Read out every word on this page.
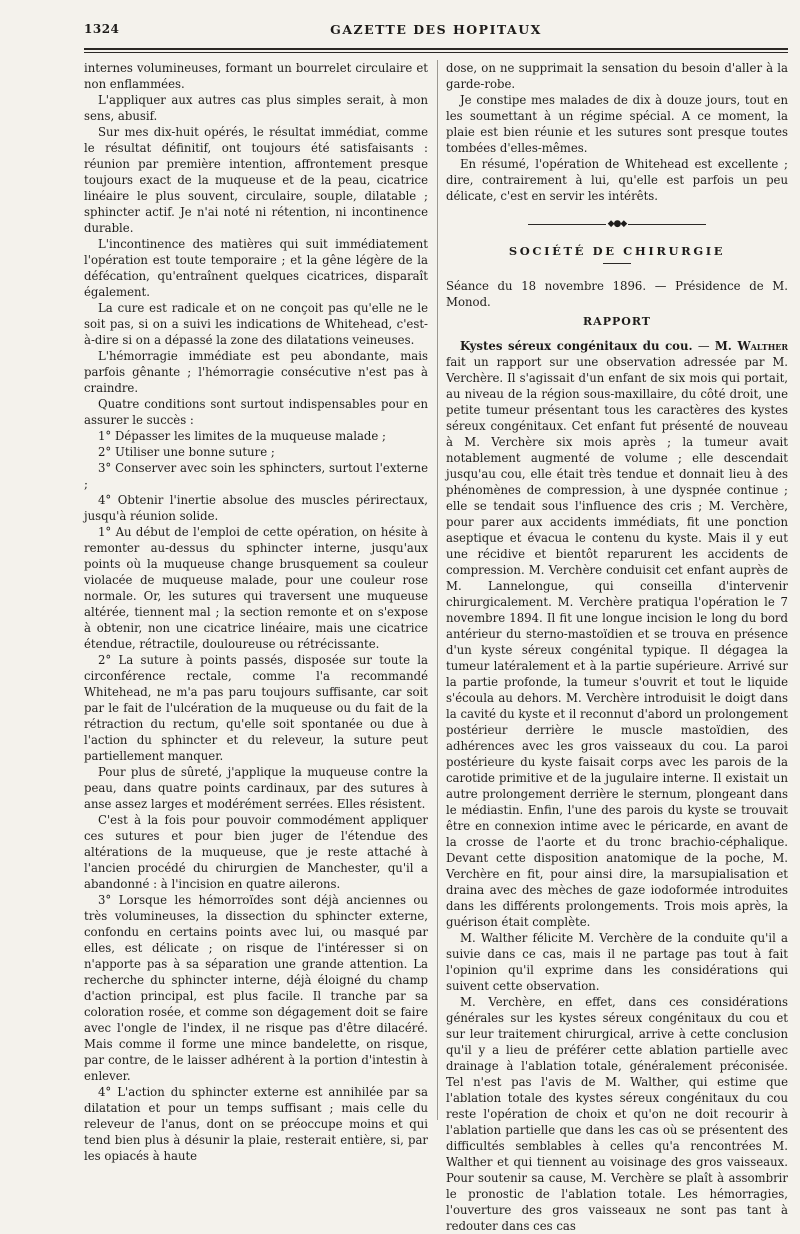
1324	GAZETTE DES HOPITAUX

internes volumineuses, formant un bourrelet circulaire et non enflammées.

L'appliquer aux autres cas plus simples serait, à mon sens, abusif.

Sur mes dix-huit opérés, le résultat immédiat, comme le résultat définitif, ont toujours été satisfaisants : réunion par première intention, affrontement presque toujours exact de la muqueuse et de la peau, cicatrice linéaire le plus souvent, circulaire, souple, dilatable ; sphincter actif. Je n'ai noté ni rétention, ni incontinence durable.

L'incontinence des matières qui suit immédiatement l'opération est toute temporaire ; et la gêne légère de la défécation, qu'entraînent quelques cicatrices, disparaît également.

La cure est radicale et on ne conçoit pas qu'elle ne le soit pas, si on a suivi les indications de Whitehead, c'est-à-dire si on a dépassé la zone des dilatations veineuses.

L'hémorragie immédiate est peu abondante, mais parfois gênante ; l'hémorragie consécutive n'est pas à craindre.

Quatre conditions sont surtout indispensables pour en assurer le succès :

1° Dépasser les limites de la muqueuse malade ;

2° Utiliser une bonne suture ;

3° Conserver avec soin les sphincters, surtout l'externe ;

4° Obtenir l'inertie absolue des muscles périrectaux, jusqu'à réunion solide.

1° Au début de l'emploi de cette opération, on hésite à remonter au-dessus du sphincter interne, jusqu'aux points où la muqueuse change brusquement sa couleur violacée de muqueuse malade, pour une couleur rose normale. Or, les sutures qui traversent une muqueuse altérée, tiennent mal ; la section remonte et on s'expose à obtenir, non une cicatrice linéaire, mais une cicatrice étendue, rétractile, douloureuse ou rétrécissante.

2° La suture à points passés, disposée sur toute la circonférence rectale, comme l'a recommandé Whitehead, ne m'a pas paru toujours suffisante, car soit par le fait de l'ulcération de la muqueuse ou du fait de la rétraction du rectum, qu'elle soit spontanée ou due à l'action du sphincter et du releveur, la suture peut partiellement manquer.

Pour plus de sûreté, j'applique la muqueuse contre la peau, dans quatre points cardinaux, par des sutures à anse assez larges et modérément serrées. Elles résistent.

C'est à la fois pour pouvoir commodément appliquer ces sutures et pour bien juger de l'étendue des altérations de la muqueuse, que je reste attaché à l'ancien procédé du chirurgien de Manchester, qu'il a abandonné : à l'incision en quatre ailerons.

3° Lorsque les hémorroïdes sont déjà anciennes ou très volumineuses, la dissection du sphincter externe, confondu en certains points avec lui, ou masqué par elles, est délicate ; on risque de l'intéresser si on n'apporte pas à sa séparation une grande attention. La recherche du sphincter interne, déjà éloigné du champ d'action principal, est plus facile. Il tranche par sa coloration rosée, et comme son dégagement doit se faire avec l'ongle de l'index, il ne risque pas d'être dilacéré. Mais comme il forme une mince bandelette, on risque, par contre, de le laisser adhérent à la portion d'intestin à enlever.

4° L'action du sphincter externe est annihilée par sa dilatation et pour un temps suffisant ; mais celle du releveur de l'anus, dont on se préoccupe moins et qui tend bien plus à désunir la plaie, resterait entière, si, par les opiacés à haute

dose, on ne supprimait la sensation du besoin d'aller à la garde-robe.

Je constipe mes malades de dix à douze jours, tout en les soumettant à un régime spécial. A ce moment, la plaie est bien réunie et les sutures sont presque toutes tombées d'elles-mêmes.

En résumé, l'opération de Whitehead est excellente ; dire, contrairement à lui, qu'elle est parfois un peu délicate, c'est en servir les intérêts.

◆●◆
SOCIÉTÉ DE CHIRURGIE

Séance du 18 novembre 1896. — Présidence de M. Monod.

RAPPORT

Kystes séreux congénitaux du cou. — M. Walther fait un rapport sur une observation adressée par M. Verchère. Il s'agissait d'un enfant de six mois qui portait, au niveau de la région sous-maxillaire, du côté droit, une petite tumeur présentant tous les caractères des kystes séreux congénitaux. Cet enfant fut présenté de nouveau à M. Verchère six mois après ; la tumeur avait notablement augmenté de volume ; elle descendait jusqu'au cou, elle était très tendue et donnait lieu à des phénomènes de compression, à une dyspnée continue ; elle se tendait sous l'influence des cris ; M. Verchère, pour parer aux accidents immédiats, fit une ponction aseptique et évacua le contenu du kyste. Mais il y eut une récidive et bientôt reparurent les accidents de compression. M. Verchère conduisit cet enfant auprès de M. Lannelongue, qui conseilla d'intervenir chirurgicalement. M. Verchère pratiqua l'opération le 7 novembre 1894. Il fit une longue incision le long du bord antérieur du sterno-mastoïdien et se trouva en présence d'un kyste séreux congénital typique. Il dégagea la tumeur latéralement et à la partie supérieure. Arrivé sur la partie profonde, la tumeur s'ouvrit et tout le liquide s'écoula au dehors. M. Verchère introduisit le doigt dans la cavité du kyste et il reconnut d'abord un prolongement postérieur derrière le muscle mastoïdien, des adhérences avec les gros vaisseaux du cou. La paroi postérieure du kyste faisait corps avec les parois de la carotide primitive et de la jugulaire interne. Il existait un autre prolongement derrière le sternum, plongeant dans le médiastin. Enfin, l'une des parois du kyste se trouvait être en connexion intime avec le péricarde, en avant de la crosse de l'aorte et du tronc brachio-céphalique. Devant cette disposition anatomique de la poche, M. Verchère en fit, pour ainsi dire, la marsupialisation et draina avec des mèches de gaze iodoformée introduites dans les différents prolongements. Trois mois après, la guérison était complète.

M. Walther félicite M. Verchère de la conduite qu'il a suivie dans ce cas, mais il ne partage pas tout à fait l'opinion qu'il exprime dans les considérations qui suivent cette observation.

M. Verchère, en effet, dans ces considérations générales sur les kystes séreux congénitaux du cou et sur leur traitement chirurgical, arrive à cette conclusion qu'il y a lieu de préférer cette ablation partielle avec drainage à l'ablation totale, généralement préconisée. Tel n'est pas l'avis de M. Walther, qui estime que l'ablation totale des kystes séreux congénitaux du cou reste l'opération de choix et qu'on ne doit recourir à l'ablation partielle que dans les cas où se présentent des difficultés semblables à celles qu'a rencontrées M. Walther et qui tiennent au voisinage des gros vaisseaux. Pour soutenir sa cause, M. Verchère se plaît à assombrir le pronostic de l'ablation totale. Les hémorragies, l'ouverture des gros vaisseaux ne sont pas tant à redouter dans ces cas
